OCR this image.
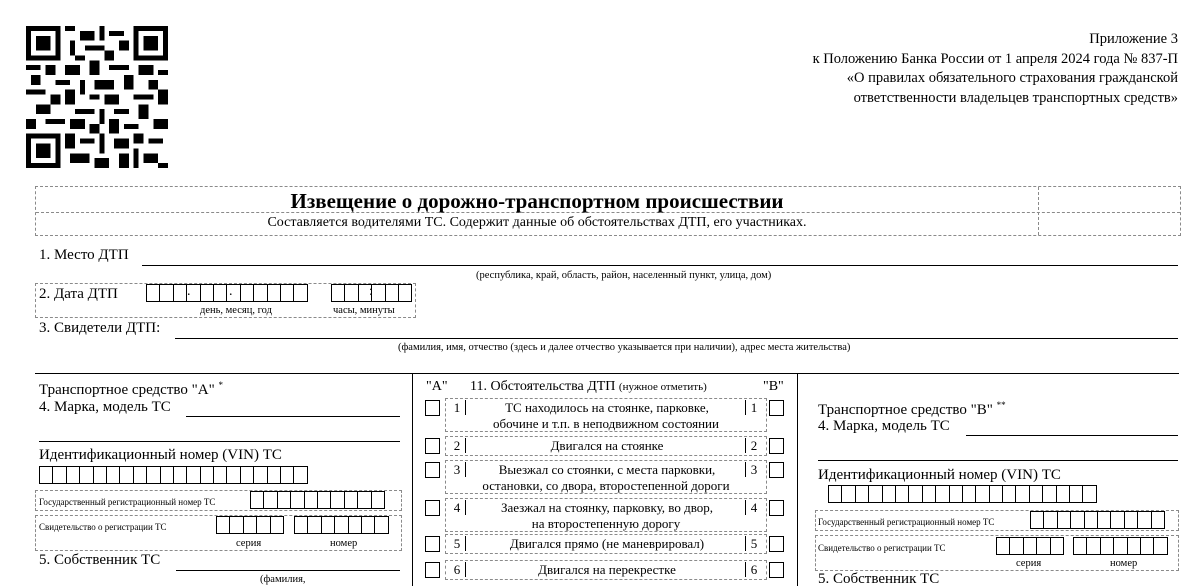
Приложение 3
к Положению Банка России от 1 апреля 2024 года № 837-П
«О правилах обязательного страхования гражданской
ответственности владельцев транспортных средств»
Извещение о дорожно-транспортном происшествии
Составляется водителями ТС. Содержит данные об обстоятельствах ДТП, его участниках.
1. Место ДТП
(республика, край, область, район, населенный пункт, улица, дом)
2. Дата ДТП	.	.
день, месяц, год
:
часы, минуты
3. Свидетели ДТП:
(фамилия, имя, отчество (здесь и далее отчество указывается при наличии), адрес места жительства)
Транспортное средство "А" *
4. Марка, модель ТС
Идентификационный номер (VIN) ТС
Государственный регистрационный номер ТС
Свидетельство о регистрации ТС
серия	номер
5. Собственник ТС
(фамилия,
"А" 11. Обстоятельства ДТП (нужное отметить)	"В"
1	ТС находилось на стоянке, парковке,
обочине и т.п. в неподвижном состоянии
1
2	Двигался на стоянке	2
3	Выезжал со стоянки, с места парковки,
остановки, со двора, второстепенной дороги
3
4	Заезжал на стоянку, парковку, во двор,
на второстепенную дорогу
4
5	Двигался прямо (не маневрировал)	5
6	Двигался на перекрестке	6
Транспортное средство "В" **
4. Марка, модель ТС
Идентификационный номер (VIN) ТС
Государственный регистрационный номер ТС
Свидетельство о регистрации ТС
серия	номер
5. Собственник ТС
